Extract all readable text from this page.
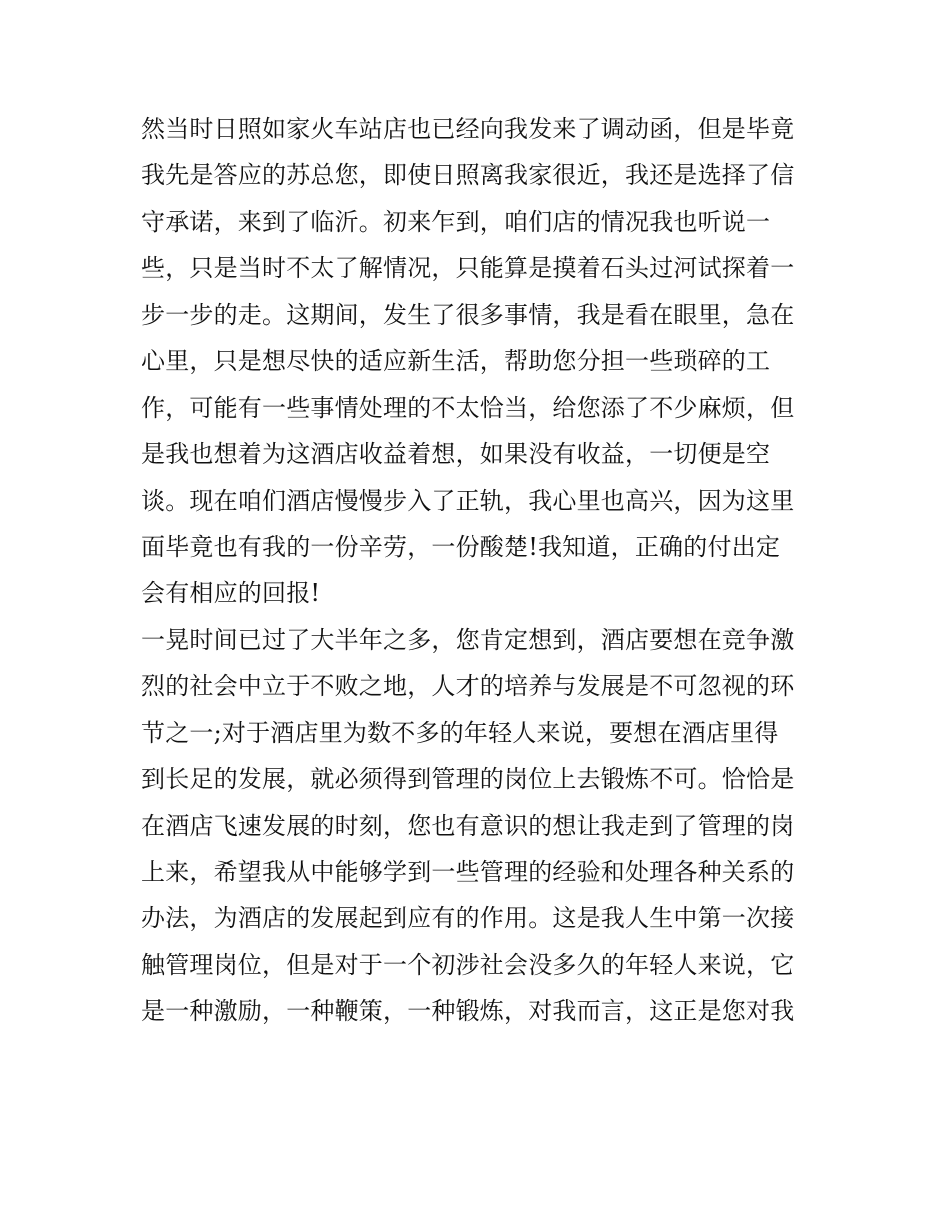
然当时日照如家火车站店也已经向我发来了调动函，但是毕竟
我先是答应的苏总您，即使日照离我家很近，我还是选择了信
守承诺，来到了临沂。初来乍到，咱们店的情况我也听说一
些，只是当时不太了解情况，只能算是摸着石头过河试探着一
步一步的走。这期间，发生了很多事情，我是看在眼里，急在
心里，只是想尽快的适应新生活，帮助您分担一些琐碎的工
作，可能有一些事情处理的不太恰当，给您添了不少麻烦，但
是我也想着为这酒店收益着想，如果没有收益，一切便是空
谈。现在咱们酒店慢慢步入了正轨，我心里也高兴，因为这里
面毕竟也有我的一份辛劳，一份酸楚!我知道，正确的付出定
会有相应的回报!
一晃时间已过了大半年之多，您肯定想到，酒店要想在竞争激
烈的社会中立于不败之地，人才的培养与发展是不可忽视的环
节之一;对于酒店里为数不多的年轻人来说，要想在酒店里得
到长足的发展，就必须得到管理的岗位上去锻炼不可。恰恰是
在酒店飞速发展的时刻，您也有意识的想让我走到了管理的岗
上来，希望我从中能够学到一些管理的经验和处理各种关系的
办法，为酒店的发展起到应有的作用。这是我人生中第一次接
触管理岗位，但是对于一个初涉社会没多久的年轻人来说，它
是一种激励，一种鞭策，一种锻炼，对我而言，这正是您对我
